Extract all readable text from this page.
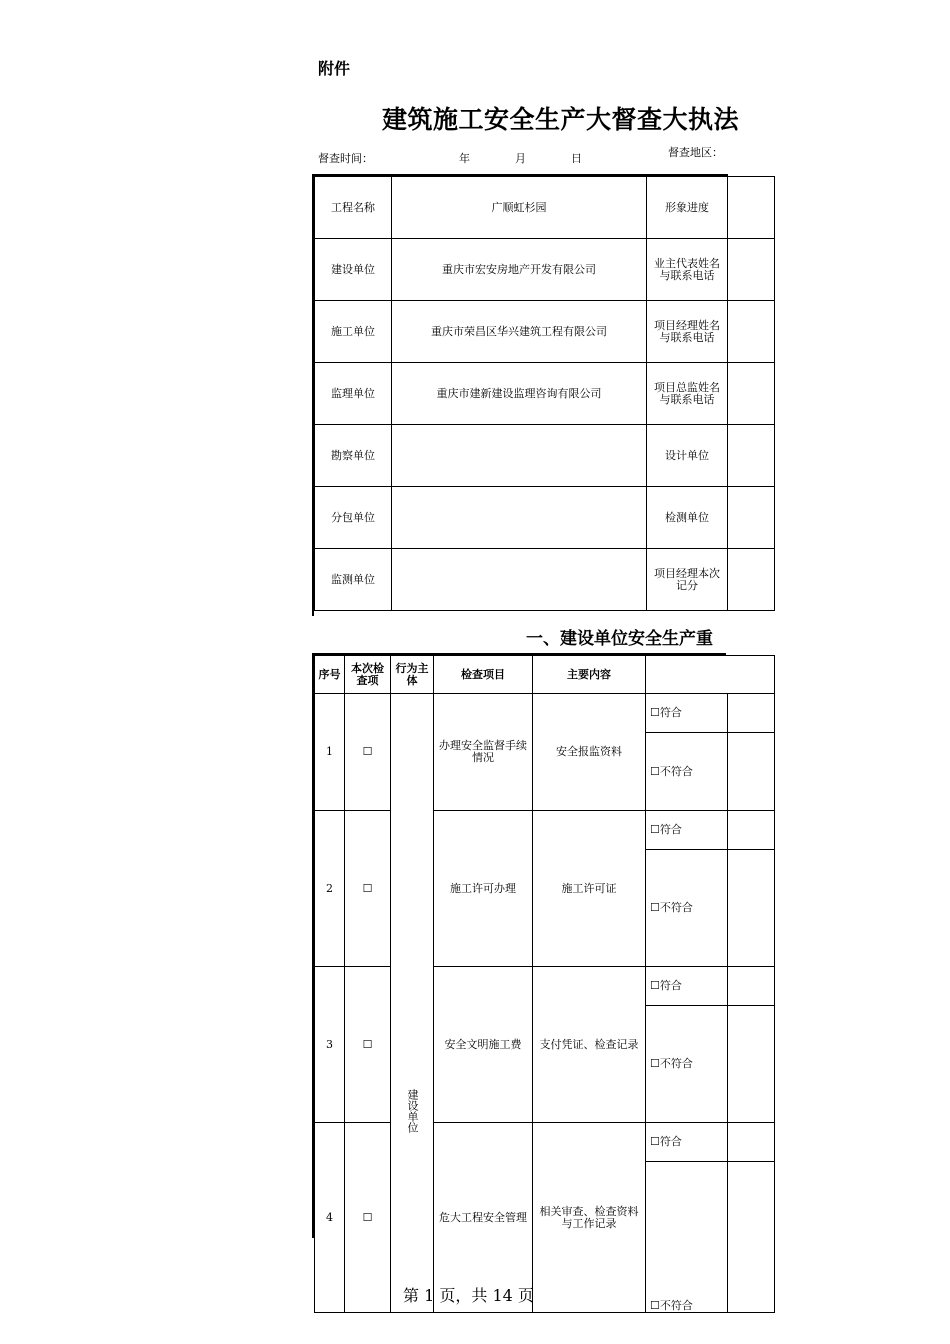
附件
建筑施工安全生产大督查大执法
督查时间：	年	月	日	督查地区：
工程名称	广顺虹杉园	形象进度	
建设单位	重庆市宏安房地产开发有限公司	业主代表姓名与联系电话	
施工单位	重庆市荣昌区华兴建筑工程有限公司	项目经理姓名与联系电话	
监理单位	重庆市建新建设监理咨询有限公司	项目总监姓名与联系电话	
勘察单位		设计单位	
分包单位		检测单位	
监测单位		项目经理本次记分	
一、建设单位安全生产重
序号	本次检查项	行为主体	检查项目	主要内容		
1	☐	建设单位	办理安全监督手续情况	安全报监资料	☐符合	
					☐不符合	
2	☐		施工许可办理	施工许可证	☐符合	
					☐不符合	
3	☐		安全文明施工费	支付凭证、检查记录	☐符合	
					☐不符合	
4	☐		危大工程安全管理	相关审查、检查资料与工作记录	☐符合	
					☐不符合	
第 1 页，共 14 页
